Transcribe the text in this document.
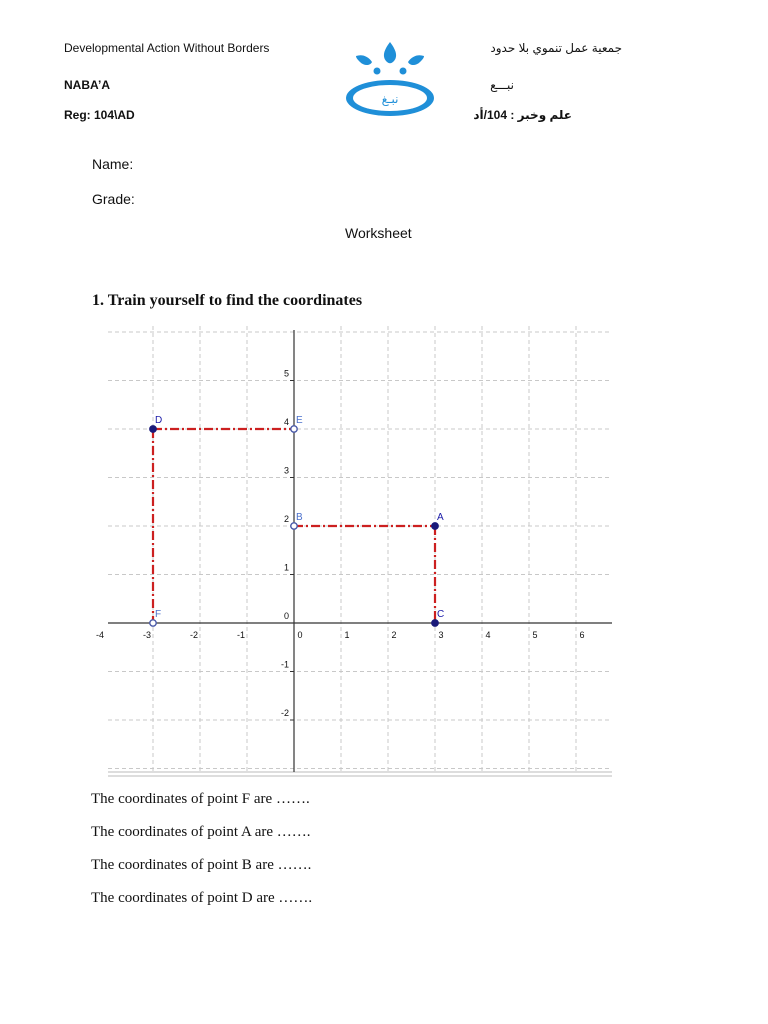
Developmental Action Without Borders
NABA’A
Reg: 104\AD
جمعية عمل تنموي بلا حدود
نبـــع
علم وخبر : 104/أد
نبـغ
Name:
Grade:
Worksheet
1. Train yourself to find the coordinates
-4	-3	-2	-1	0	1	2	3	4	5	6
5
4
3
2
1
0
-1
-2
A
B
C
D	E
F
The coordinates of point F are …….
The coordinates of point A are …….
The coordinates of point B are …….
The coordinates of point D are …….
